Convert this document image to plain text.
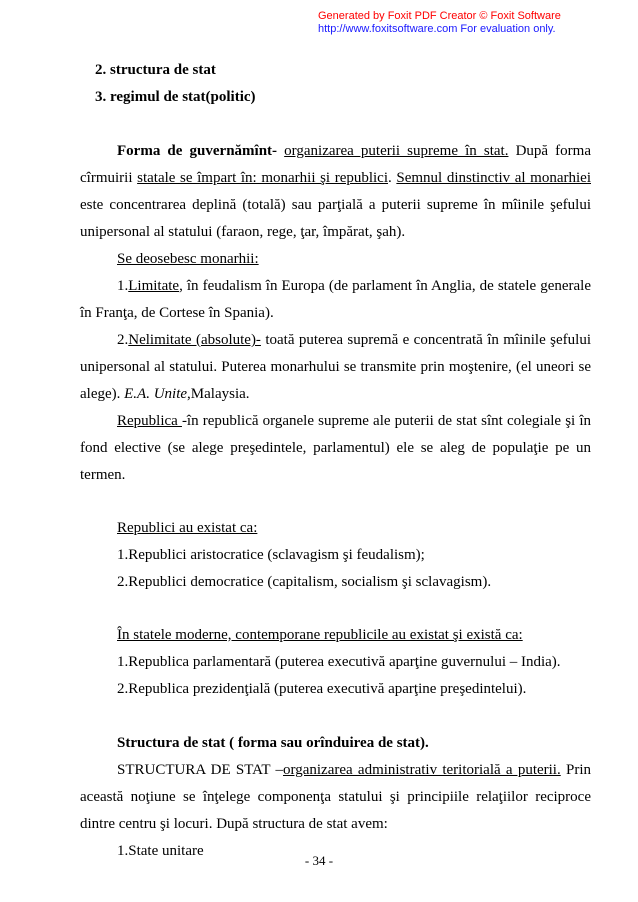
Generated by Foxit PDF Creator © Foxit Software
http://www.foxitsoftware.com For evaluation only.
2. structura de stat
3. regimul de stat(politic)
Forma de guvernămînt- organizarea puterii supreme în stat. După forma
cîrmuirii statale se împart în: monarhii şi republici. Semnul dinstinctiv al monarhiei
este concentrarea deplină (totală) sau parţială a puterii supreme în mîinile şefului
unipersonal al statului (faraon, rege, ţar, împărat, şah).
Se deosebesc monarhii:
1.Limitate, în feudalism în Europa (de parlament în Anglia, de statele generale
în Franţa, de Cortese în Spania).
2.Nelimitate (absolute)- toată puterea supremă e concentrată în mîinile şefului
unipersonal al statului. Puterea monarhului se transmite prin moştenire, (el uneori se
alege). E.A. Unite,Malaysia.
Republica -în republică organele supreme ale puterii de stat sînt colegiale şi în
fond elective (se alege preşedintele, parlamentul) ele se aleg de populaţie pe un
termen.
Republici au existat ca:
1.Republici aristocratice (sclavagism şi feudalism);
2.Republici democratice (capitalism, socialism şi sclavagism).
În statele moderne, contemporane republicile au existat şi există ca:
1.Republica parlamentară (puterea executivă aparţine guvernului – India).
2.Republica prezidenţială (puterea executivă aparţine preşedintelui).
Structura de stat ( forma sau orînduirea de stat).
STRUCTURA DE STAT –organizarea administrativ teritorială a puterii. Prin
această noţiune se înţelege componenţa statului şi principiile relaţiilor reciproce
dintre centru şi locuri. După structura de stat avem:
1.State unitare
- 34 -
